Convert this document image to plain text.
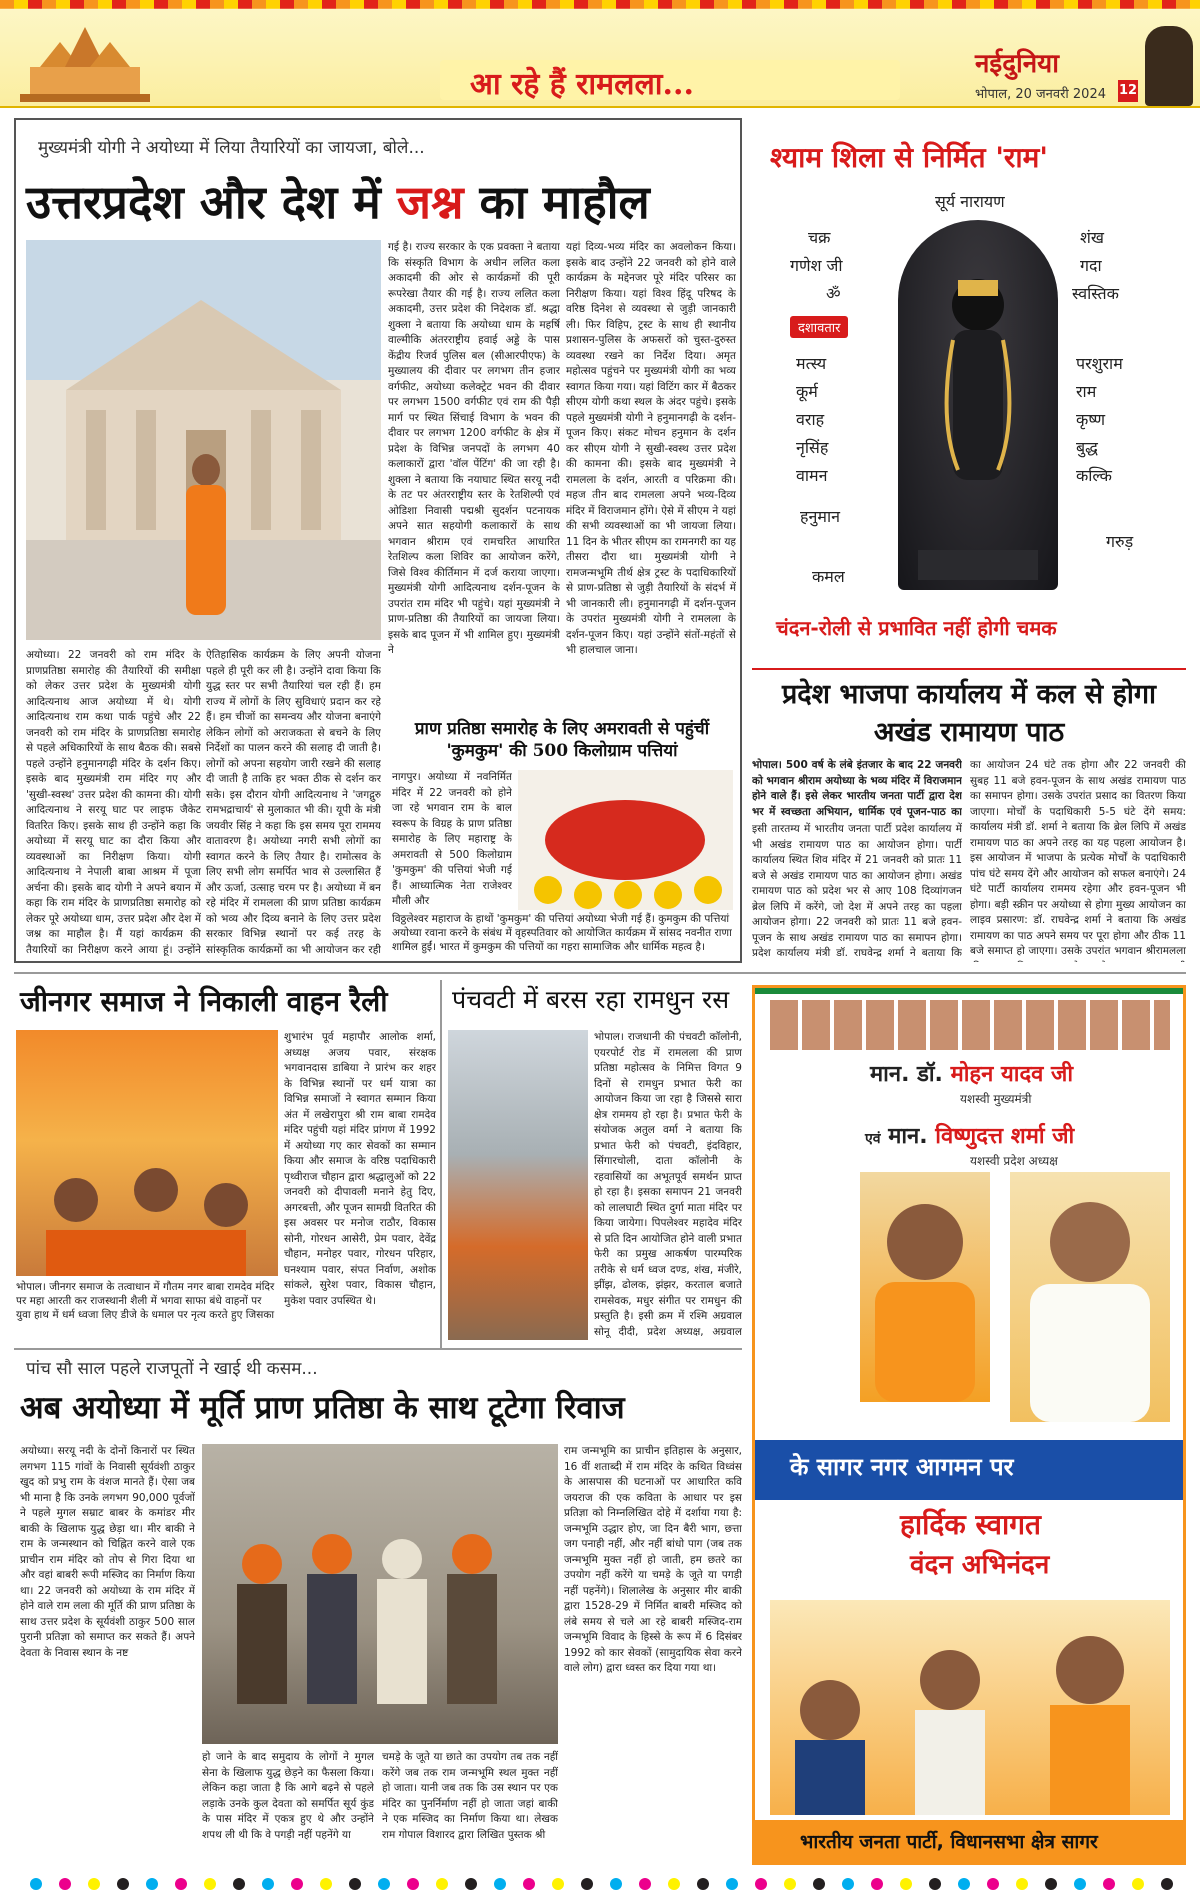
आ रहे हैं रामलला...
नईदुनिया
भोपाल, 20 जनवरी 2024 12
मुख्यमंत्री योगी ने अयोध्या में लिया तैयारियों का जायजा, बोले...
उत्तरप्रदेश और देश में जश्न का माहौल
अयोध्या। 22 जनवरी को राम मंदिर के प्राणप्रतिष्ठा समारोह की तैयारियों की समीक्षा को लेकर उत्तर प्रदेश के मुख्यमंत्री योगी आदित्यनाथ आज अयोध्या में थे। योगी आदित्यनाथ राम कथा पार्क पहुंचे और 22 जनवरी को राम मंदिर के प्राणप्रतिष्ठा समारोह से पहले अधिकारियों के साथ बैठक की। सबसे पहले उन्होंने हनुमानगढ़ी मंदिर के दर्शन किए। इसके बाद मुख्यमंत्री राम मंदिर गए और 'सुखी-स्वस्थ' उत्तर प्रदेश की कामना की। योगी आदित्यनाथ ने सरयू घाट पर लाइफ जैकेट वितरित किए। इसके साथ ही उन्होंने कहा कि अयोध्या में सरयू घाट का दौरा किया और व्यवस्थाओं का निरीक्षण किया। योगी आदित्यनाथ ने नेपाली बाबा आश्रम में पूजा अर्चना की। इसके बाद योगी ने अपने बयान में कहा कि राम मंदिर के प्राणप्रतिष्ठा समारोह को लेकर पूरे अयोध्या धाम, उत्तर प्रदेश और देश में जश्न का माहौल है। मैं यहां कार्यक्रम की तैयारियों का निरीक्षण करने आया हूं। उन्होंने
ऐतिहासिक कार्यक्रम के लिए अपनी योजना पहले ही पूरी कर ली है। उन्होंने दावा किया कि युद्ध स्तर पर सभी तैयारियां चल रही हैं। हम राज्य में लोगों के लिए सुविधाएं प्रदान कर रहे हैं। हम चीजों का समन्वय और योजना बनाएंगे लेकिन लोगों को अराजकता से बचने के लिए निर्देशों का पालन करने की सलाह दी जाती है। लोगों को अपना सहयोग जारी रखने की सलाह दी जाती है ताकि हर भक्त ठीक से दर्शन कर सके। इस दौरान योगी आदित्यनाथ ने 'जगद्गुरु रामभद्राचार्य' से मुलाकात भी की। यूपी के मंत्री जयवीर सिंह ने कहा कि इस समय पूरा राममय वातावरण है। अयोध्या नगरी सभी लोगों का स्वागत करने के लिए तैयार है। रामोत्सव के लिए सभी लोग समर्पित भाव से उल्लासित हैं और ऊर्जा, उत्साह चरम पर है। अयोध्या में बन रहे मंदिर में रामलला की प्राण प्रतिष्ठा कार्यक्रम को भव्य और दिव्य बनाने के लिए उत्तर प्रदेश सरकार विभिन्न स्थानों पर कई तरह के सांस्कृतिक कार्यक्रमों का भी आयोजन कर रही
गई है। राज्य सरकार के एक प्रवक्ता ने बताया कि संस्कृति विभाग के अधीन ललित कला अकादमी की ओर से कार्यक्रमों की पूरी रूपरेखा तैयार की गई है। राज्य ललित कला अकादमी, उत्तर प्रदेश की निदेशक डॉ. श्रद्धा शुक्ला ने बताया कि अयोध्या धाम के महर्षि वाल्मीकि अंतरराष्ट्रीय हवाई अड्डे के पास केंद्रीय रिजर्व पुलिस बल (सीआरपीएफ) के मुख्यालय की दीवार पर लगभग तीन हजार वर्गफीट, अयोध्या कलेक्ट्रेट भवन की दीवार पर लगभग 1500 वर्गफीट एवं राम की पैड़ी मार्ग पर स्थित सिंचाई विभाग के भवन की दीवार पर लगभग 1200 वर्गफीट के क्षेत्र में प्रदेश के विभिन्न जनपदों के लगभग 40 कलाकारों द्वारा 'वॉल पेंटिंग' की जा रही है। शुक्ला ने बताया कि नयाघाट स्थित सरयू नदी के तट पर अंतरराष्ट्रीय स्तर के रेतशिल्पी एवं ओडिशा निवासी पद्मश्री सुदर्शन पटनायक अपने सात सहयोगी कलाकारों के साथ भगवान श्रीराम एवं रामचरित आधारित रेतशिल्प कला शिविर का आयोजन करेंगे, जिसे विश्व कीर्तिमान में दर्ज कराया जाएगा। मुख्यमंत्री योगी आदित्यनाथ दर्शन-पूजन के उपरांत राम मंदिर भी पहुंचे। यहां मुख्यमंत्री ने प्राण-प्रतिष्ठा की तैयारियों का जायजा लिया। इसके बाद पूजन में भी शामिल हुए। मुख्यमंत्री ने
यहां दिव्य-भव्य मंदिर का अवलोकन किया। इसके बाद उन्होंने 22 जनवरी को होने वाले कार्यक्रम के मद्देनजर पूरे मंदिर परिसर का निरीक्षण किया। यहां विश्व हिंदू परिषद के वरिष्ठ दिनेश से व्यवस्था से जुड़ी जानकारी ली। फिर विहिप, ट्रस्ट के साथ ही स्थानीय प्रशासन-पुलिस के अफसरों को चुस्त-दुरुस्त व्यवस्था रखने का निर्देश दिया। अमृत महोत्सव पहुंचने पर मुख्यमंत्री योगी का भव्य स्वागत किया गया। यहां विटिंग कार में बैठकर सीएम योगी कथा स्थल के अंदर पहुंचे। इसके पहले मुख्यमंत्री योगी ने हनुमानगढ़ी के दर्शन-पूजन किए। संकट मोचन हनुमान के दर्शन कर सीएम योगी ने सुखी-स्वस्थ उत्तर प्रदेश की कामना की। इसके बाद मुख्यमंत्री ने रामलला के दर्शन, आरती व परिक्रमा की। महज तीन बाद रामलला अपने भव्य-दिव्य मंदिर में विराजमान होंगे। ऐसे में सीएम ने यहां की सभी व्यवस्थाओं का भी जायजा लिया। 11 दिन के भीतर सीएम का रामनगरी का यह तीसरा दौरा था। मुख्यमंत्री योगी ने रामजन्मभूमि तीर्थ क्षेत्र ट्रस्ट के पदाधिकारियों से प्राण-प्रतिष्ठा से जुड़ी तैयारियों के संदर्भ में भी जानकारी ली। हनुमानगढ़ी में दर्शन-पूजन के उपरांत मुख्यमंत्री योगी ने रामलला के दर्शन-पूजन किए। यहां उन्होंने संतों-महंतों से भी हालचाल जाना।
प्राण प्रतिष्ठा समारोह के लिए अमरावती से पहुंचीं 'कुमकुम' की 500 किलोग्राम पत्तियां
नागपुर। अयोध्या में नवनिर्मित मंदिर में 22 जनवरी को होने जा रहे भगवान राम के बाल स्वरूप के विग्रह के प्राण प्रतिष्ठा समारोह के लिए महाराष्ट्र के अमरावती से 500 किलोग्राम 'कुमकुम' की पत्तियां भेजी गई हैं। आध्यात्मिक नेता राजेश्वर मौली और
विठ्ठलेश्वर महाराज के हाथों 'कुमकुम' की पत्तियां अयोध्या भेजी गई हैं। कुमकुम की पत्तियां अयोध्या रवाना करने के संबंध में वृहस्पतिवार को आयोजित कार्यक्रम में सांसद नवनीत राणा शामिल हुईं। भारत में कुमकुम की पत्तियों का गहरा सामाजिक और धार्मिक महत्व है।
श्याम शिला से निर्मित 'राम'
सूर्य नारायण
चक्र
गणेश जी
ॐ
शंख
गदा
स्वस्तिक
दशावतार
मत्स्य
कूर्म
वराह
नृसिंह
वामन
परशुराम
राम
कृष्ण
बुद्ध
कल्कि
हनुमान
कमल
गरुड़
चंदन-रोली से प्रभावित नहीं होगी चमक
प्रदेश भाजपा कार्यालय में कल से होगा अखंड रामायण पाठ
भोपाल। 500 वर्ष के लंबे इंतजार के बाद 22 जनवरी को भगवान श्रीराम अयोध्या के भव्य मंदिर में विराजमान होने वाले हैं। इसे लेकर भारतीय जनता पार्टी द्वारा देश भर में स्वच्छता अभियान, धार्मिक एवं पूजन-पाठ का
इसी तारतम्य में भारतीय जनता पार्टी प्रदेश कार्यालय में भी अखंड रामायण पाठ का आयोजन होगा। पार्टी कार्यालय स्थित शिव मंदिर में 21 जनवरी को प्रातः 11 बजे से अखंड रामायण पाठ का आयोजन होगा। अखंड रामायण पाठ को प्रदेश भर से आए 108 दिव्यांगजन ब्रेल लिपि में करेंगे, जो देश में अपने तरह का पहला आयोजन होगा। 22 जनवरी को प्रातः 11 बजे हवन-पूजन के साथ अखंड रामायण पाठ का समापन होगा। प्रदेश कार्यालय मंत्री डॉ. राघवेन्द्र शर्मा ने बताया कि
का आयोजन 24 घंटे तक होगा और 22 जनवरी की सुबह 11 बजे हवन-पूजन के साथ अखंड रामायण पाठ का समापन होगा। उसके उपरांत प्रसाद का वितरण किया जाएगा। मोर्चों के पदाधिकारी 5-5 घंटे देंगे समय: कार्यालय मंत्री डॉ. शर्मा ने बताया कि ब्रेल लिपि में अखंड रामायण पाठ का अपने तरह का यह पहला आयोजन है। इस आयोजन में भाजपा के प्रत्येक मोर्चों के पदाधिकारी पांच घंटे समय देंगे और आयोजन को सफल बनाएंगे। 24 घंटे पार्टी कार्यालय राममय रहेगा और हवन-पूजन भी होगा। बड़ी स्क्रीन पर अयोध्या से होगा मुख्य आयोजन का लाइव प्रसारण: डॉ. राघवेन्द्र शर्मा ने बताया कि अखंड रामायण का पाठ अपने समय पर पूरा होगा और ठीक 11 बजे समाप्त हो जाएगा। उसके उपरांत भगवान श्रीरामलला
जीनगर समाज ने निकाली वाहन रैली
भोपाल। जीनगर समाज के तत्वाधान में गौतम नगर बाबा रामदेव मंदिर पर महा आरती कर राजस्थानी शैली में भगवा साफा बंधे वाहनों पर युवा हाथ में धर्म ध्वजा लिए डीजे के धमाल पर नृत्य करते हुए जिसका
शुभारंभ पूर्व महापौर आलोक शर्मा, अध्यक्ष अजय पवार, संरक्षक भगवानदास डाबिया ने प्रारंभ कर शहर के विभिन्न स्थानों पर धर्म यात्रा का विभिन्न समाजों ने स्वागत सम्मान किया अंत में लखेरापुरा श्री राम बाबा रामदेव मंदिर पहुंची यहां मंदिर प्रांगण में 1992 में अयोध्या गए कार सेवकों का सम्मान किया और समाज के वरिष्ठ पदाधिकारी पृथ्वीराज चौहान द्वारा श्रद्धालुओं को 22 जनवरी को दीपावली मनाने हेतु दिए, अगरबत्ती, और पूजन सामग्री वितरित की इस अवसर पर मनोज राठौर, विकास सोनी, गोरधन आसेरी, प्रेम पवार, देवेंद्र चौहान, मनोहर पवार, गोरधन परिहार, घनश्याम पवार, संपत निर्वाण, अशोक सांकले, सुरेश पवार, विकास चौहान, मुकेश पवार उपस्थित थे।
पंचवटी में बरस रहा रामधुन रस
भोपाल। राजधानी की पंचवटी कॉलोनी, एयरपोर्ट रोड में रामलला की प्राण प्रतिष्ठा महोत्सव के निमित्त विगत 9 दिनों से रामधुन प्रभात फेरी का आयोजन किया जा रहा है जिससे सारा क्षेत्र राममय हो रहा है। प्रभात फेरी के संयोजक अतुल वर्मा ने बताया कि प्रभात फेरी को पंचवटी, इंदविहार, सिंगारचोली, दाता कॉलोनी के रहवासियों का अभूतपूर्व समर्थन प्राप्त हो रहा है। इसका समापन 21 जनवरी को लालघाटी स्थित दुर्गा माता मंदिर पर किया जायेगा। पिपलेश्वर महादेव मंदिर से प्रति दिन आयोजित होने वाली प्रभात फेरी का प्रमुख आकर्षण पारम्परिक तरीके से धर्म ध्वज दण्ड, शंख, मंजीरे, झींझ, ढोलक, झंझर, करताल बजाते रामसेवक, मधुर संगीत पर रामधुन की प्रस्तुति है। इसी क्रम में रश्मि अग्रवाल सोनू दीदी, प्रदेश अध्यक्ष, अग्रवाल
पांच सौ साल पहले राजपूतों ने खाई थी कसम...
अब अयोध्या में मूर्ति प्राण प्रतिष्ठा के साथ टूटेगा रिवाज
अयोध्या। सरयू नदी के दोनों किनारों पर स्थित लगभग 115 गांवों के निवासी सूर्यवंशी ठाकुर खुद को प्रभु राम के वंशज मानते हैं। ऐसा जब भी माना है कि उनके लगभग 90,000 पूर्वजों ने पहले मुगल सम्राट बाबर के कमांडर मीर बाकी के खिलाफ युद्ध छेड़ा था। मीर बाकी ने राम के जन्मस्थान को चिह्नित करने वाले एक प्राचीन राम मंदिर को तोप से गिरा दिया था और वहां बाबरी रूपी मस्जिद का निर्माण किया था। 22 जनवरी को अयोध्या के राम मंदिर में होने वाले राम लला की मूर्ति की प्राण प्रतिष्ठा के साथ उत्तर प्रदेश के सूर्यवंशी ठाकुर 500 साल पुरानी प्रतिज्ञा को समाप्त कर सकते हैं। अपने देवता के निवास स्थान के नष्ट
हो जाने के बाद समुदाय के लोगों ने मुगल सेना के खिलाफ युद्ध छेड़ने का फैसला किया। लेकिन कहा जाता है कि आगे बढ़ने से पहले लड़ाके उनके कुल देवता को समर्पित सूर्य कुंड के पास मंदिर में एकत्र हुए थे और उन्होंने शपथ ली थी कि वे पगड़ी नहीं पहनेंगे या
चमड़े के जूते या छाते का उपयोग तब तक नहीं करेंगे जब तक राम जन्मभूमि स्थल मुक्त नहीं हो जाता। यानी जब तक कि उस स्थान पर एक मंदिर का पुनर्निर्माण नहीं हो जाता जहां बाकी ने एक मस्जिद का निर्माण किया था। लेखक राम गोपाल विशारद द्वारा लिखित पुस्तक श्री
राम जन्मभूमि का प्राचीन इतिहास के अनुसार, 16 वीं शताब्दी में राम मंदिर के कथित विध्वंस के आसपास की घटनाओं पर आधारित कवि जयराज की एक कविता के आधार पर इस प्रतिज्ञा को निम्नलिखित दोहे में दर्शाया गया है: जन्मभूमि उद्धार होए, जा दिन बैरी भाग, छत्ता जग पनाही नहीं, और नहीं बांधो पाग (जब तक जन्मभूमि मुक्त नहीं हो जाती, हम छतरे का उपयोग नहीं करेंगे या चमड़े के जूते या पगड़ी नहीं पहनेंगे)। शिलालेख के अनुसार मीर बाकी द्वारा 1528-29 में निर्मित बाबरी मस्जिद को लंबे समय से चले आ रहे बाबरी मस्जिद-राम जन्मभूमि विवाद के हिस्से के रूप में 6 दिसंबर 1992 को कार सेवकों (सामुदायिक सेवा करने वाले लोग) द्वारा ध्वस्त कर दिया गया था।
मान. डॉ. मोहन यादव जी
यशस्वी मुख्यमंत्री
एवं मान. विष्णुदत्त शर्मा जी
यशस्वी प्रदेश अध्यक्ष
के सागर नगर आगमन पर
हार्दिक स्वागत
वंदन अभिनंदन
भारतीय जनता पार्टी, विधानसभा क्षेत्र सागर
